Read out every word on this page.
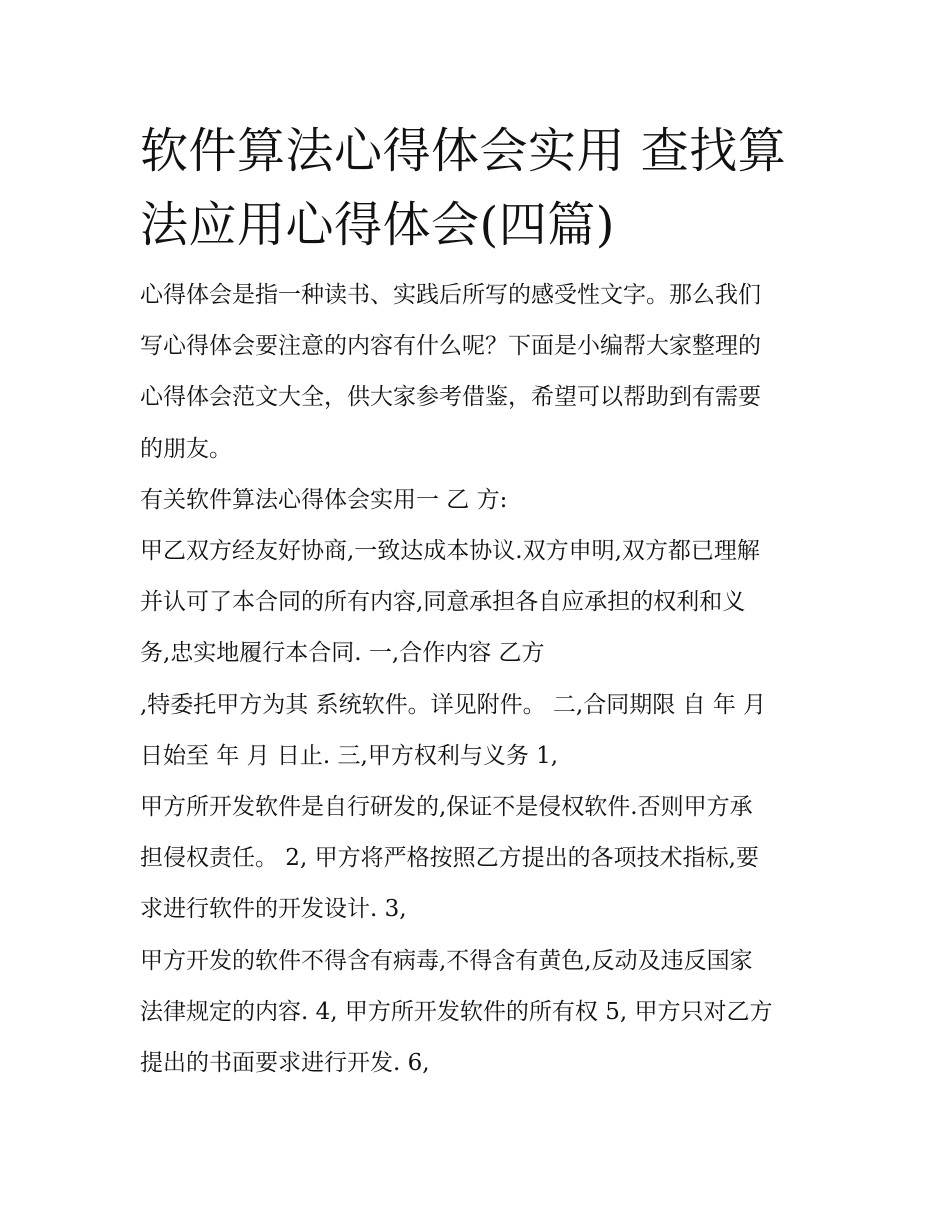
软件算法心得体会实用 查找算
法应用心得体会(四篇)
心得体会是指一种读书、实践后所写的感受性文字。那么我们
写心得体会要注意的内容有什么呢？下面是小编帮大家整理的
心得体会范文大全，供大家参考借鉴，希望可以帮助到有需要
的朋友。
有关软件算法心得体会实用一 乙 方:
甲乙双方经友好协商,一致达成本协议.双方申明,双方都已理解
并认可了本合同的所有内容,同意承担各自应承担的权利和义
务,忠实地履行本合同. 一,合作内容 乙方
,特委托甲方为其 系统软件。详见附件。 二,合同期限 自 年 月
日始至 年 月 日止. 三,甲方权利与义务 1,
甲方所开发软件是自行研发的,保证不是侵权软件.否则甲方承
担侵权责任。 2, 甲方将严格按照乙方提出的各项技术指标,要
求进行软件的开发设计. 3,
甲方开发的软件不得含有病毒,不得含有黄色,反动及违反国家
法律规定的内容. 4, 甲方所开发软件的所有权 5, 甲方只对乙方
提出的书面要求进行开发. 6,
